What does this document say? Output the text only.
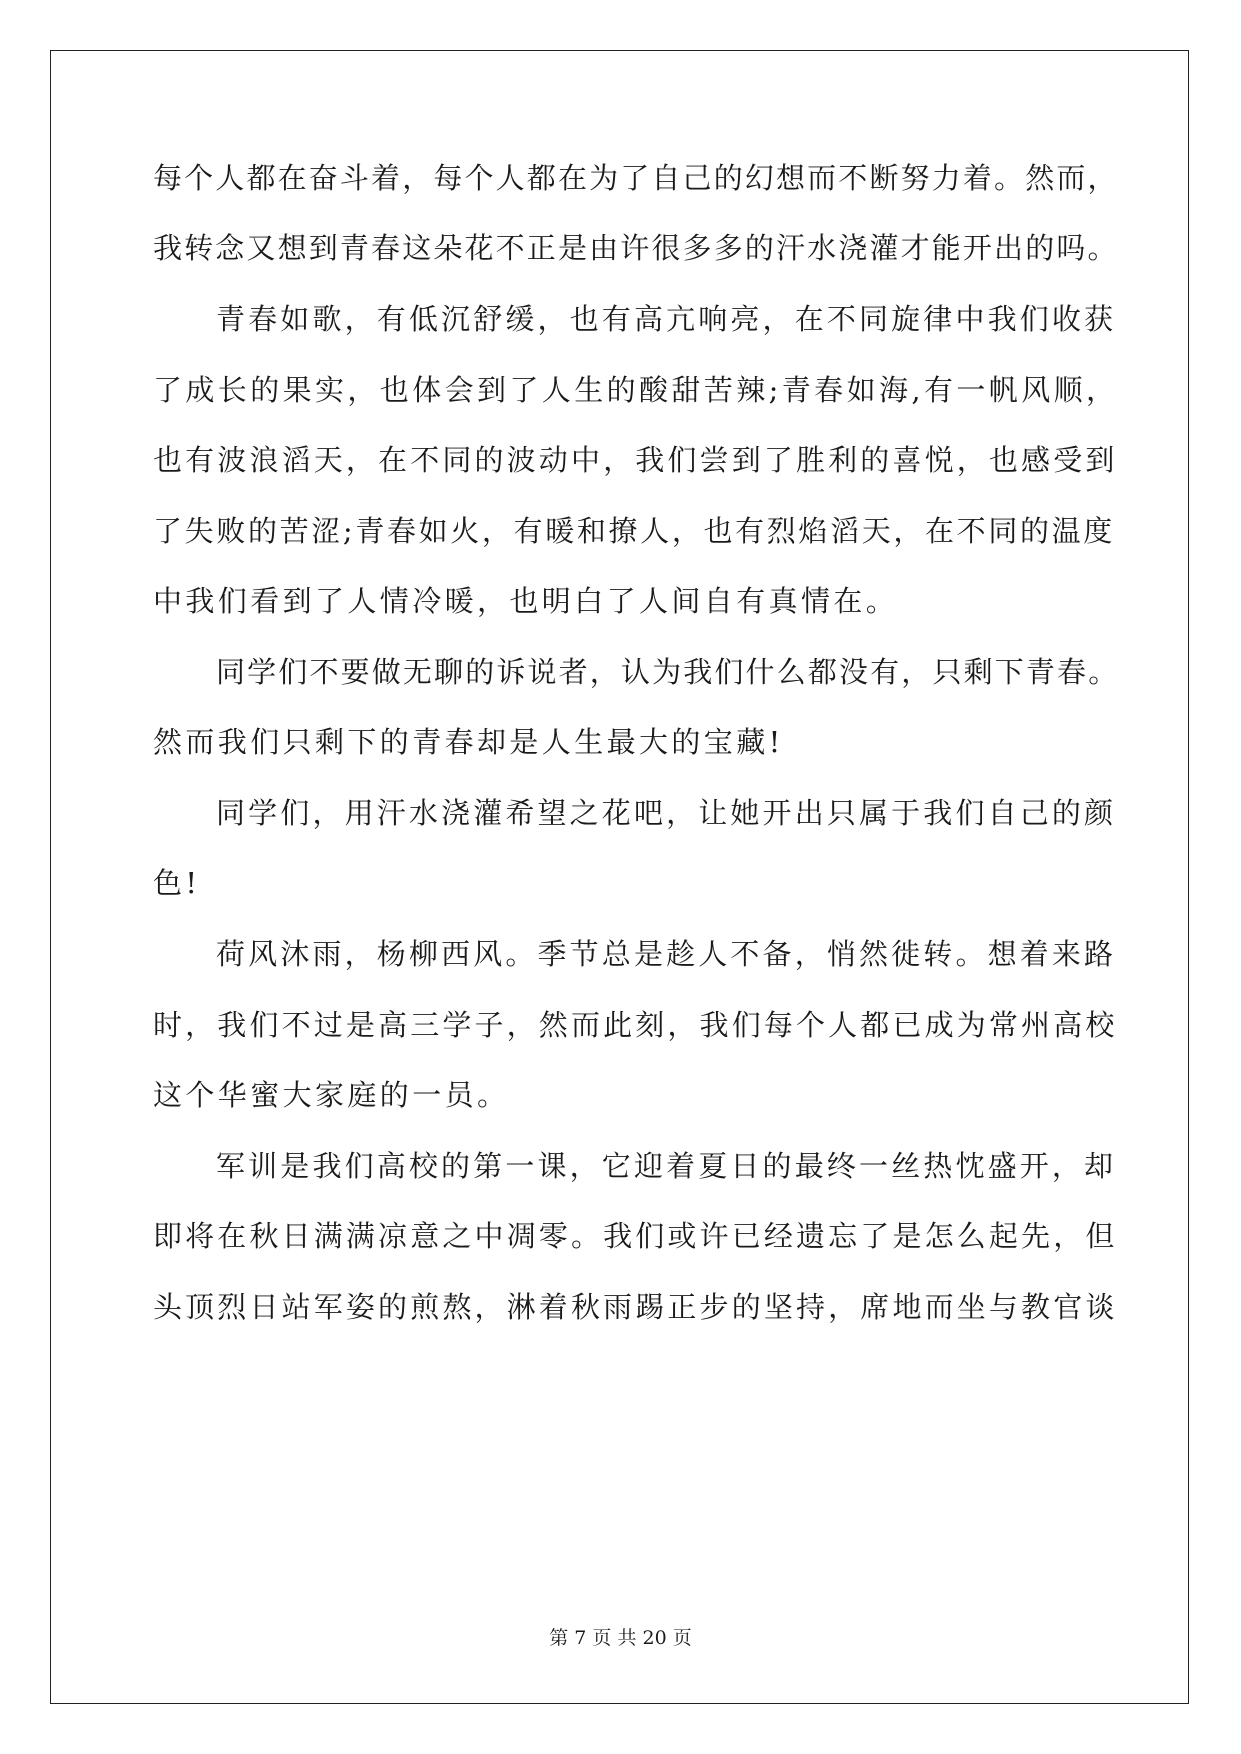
每个人都在奋斗着，每个人都在为了自己的幻想而不断努力着。然而，
我转念又想到青春这朵花不正是由许很多多的汗水浇灌才能开出的吗。
青春如歌，有低沉舒缓，也有高亢响亮，在不同旋律中我们收获
了成长的果实，也体会到了人生的酸甜苦辣;青春如海,有一帆风顺，
也有波浪滔天，在不同的波动中，我们尝到了胜利的喜悦，也感受到
了失败的苦涩;青春如火，有暖和撩人，也有烈焰滔天，在不同的温度
中我们看到了人情冷暖，也明白了人间自有真情在。
同学们不要做无聊的诉说者，认为我们什么都没有，只剩下青春。
然而我们只剩下的青春却是人生最大的宝藏!
同学们，用汗水浇灌希望之花吧，让她开出只属于我们自己的颜
色!
荷风沐雨，杨柳西风。季节总是趁人不备，悄然徙转。想着来路
时，我们不过是高三学子，然而此刻，我们每个人都已成为常州高校
这个华蜜大家庭的一员。
军训是我们高校的第一课，它迎着夏日的最终一丝热忱盛开，却
即将在秋日满满凉意之中凋零。我们或许已经遗忘了是怎么起先，但
头顶烈日站军姿的煎熬，淋着秋雨踢正步的坚持，席地而坐与教官谈
第 7 页 共 20 页
